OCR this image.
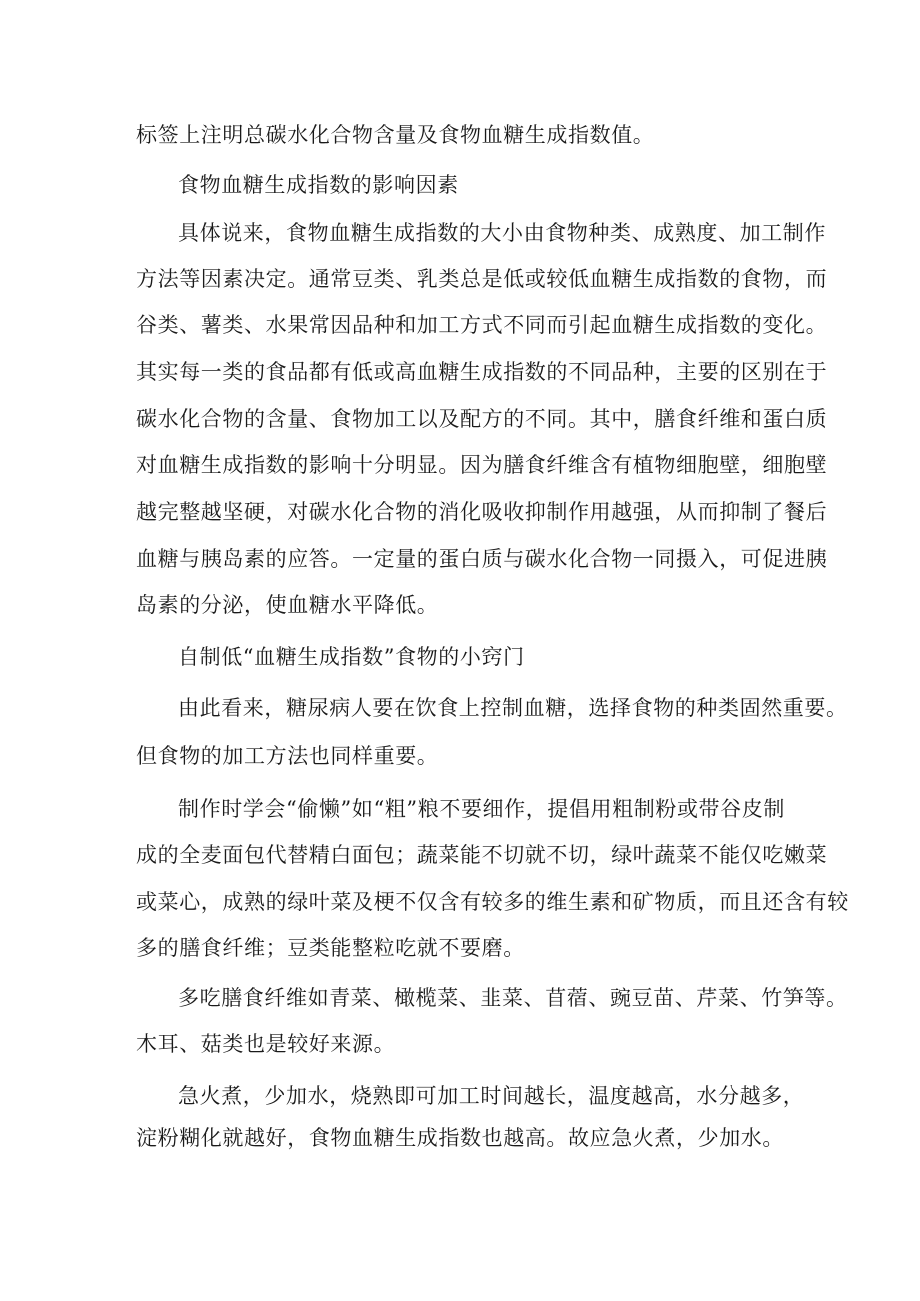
标签上注明总碳水化合物含量及食物血糖生成指数值。
食物血糖生成指数的影响因素
具体说来，食物血糖生成指数的大小由食物种类、成熟度、加工制作
方法等因素决定。通常豆类、乳类总是低或较低血糖生成指数的食物，而
谷类、薯类、水果常因品种和加工方式不同而引起血糖生成指数的变化。
其实每一类的食品都有低或高血糖生成指数的不同品种，主要的区别在于
碳水化合物的含量、食物加工以及配方的不同。其中，膳食纤维和蛋白质
对血糖生成指数的影响十分明显。因为膳食纤维含有植物细胞壁，细胞壁
越完整越坚硬，对碳水化合物的消化吸收抑制作用越强，从而抑制了餐后
血糖与胰岛素的应答。一定量的蛋白质与碳水化合物一同摄入，可促进胰
岛素的分泌，使血糖水平降低。
自制低“血糖生成指数”食物的小窍门
由此看来，糖尿病人要在饮食上控制血糖，选择食物的种类固然重要。
但食物的加工方法也同样重要。
制作时学会“偷懒”如“粗”粮不要细作，提倡用粗制粉或带谷皮制
成的全麦面包代替精白面包；蔬菜能不切就不切，绿叶蔬菜不能仅吃嫩菜
或菜心，成熟的绿叶菜及梗不仅含有较多的维生素和矿物质，而且还含有较
多的膳食纤维；豆类能整粒吃就不要磨。
多吃膳食纤维如青菜、橄榄菜、韭菜、苜蓿、豌豆苗、芹菜、竹笋等。
木耳、菇类也是较好来源。
急火煮，少加水，烧熟即可加工时间越长，温度越高，水分越多，
淀粉糊化就越好，食物血糖生成指数也越高。故应急火煮，少加水。
